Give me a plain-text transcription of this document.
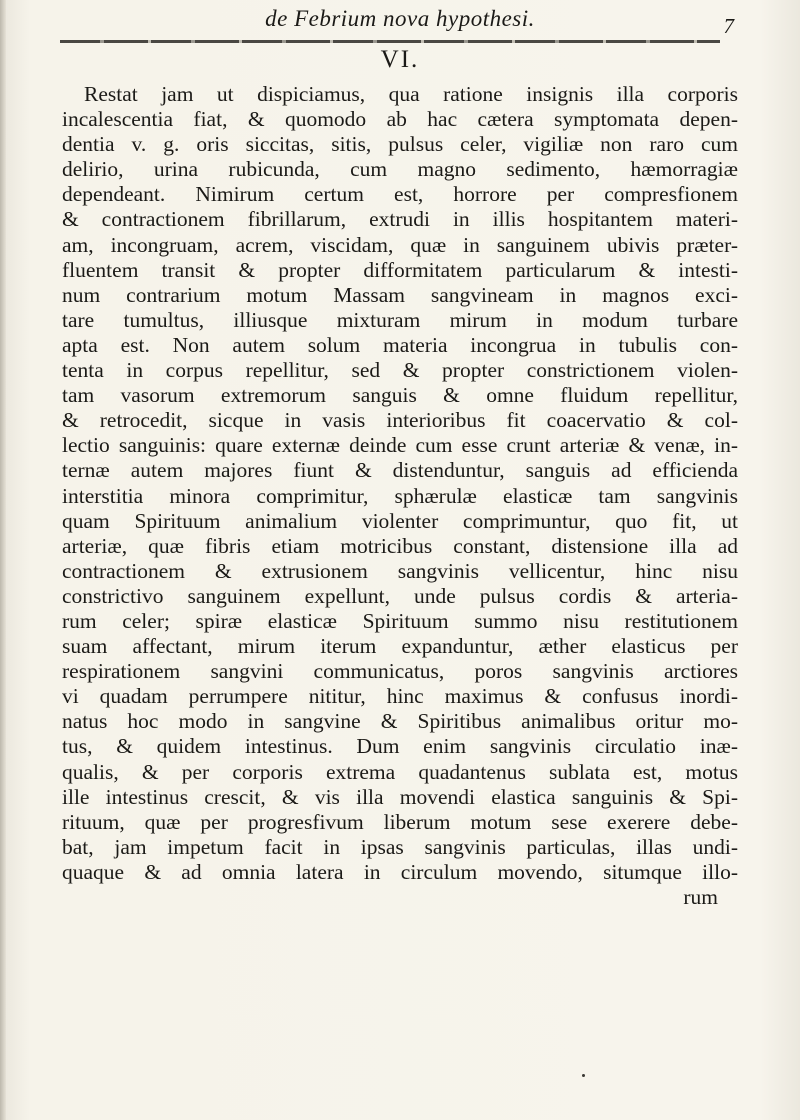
de Febrium nova hypothesi.	7
VI.
Restat jam ut dispiciamus, qua ratione insignis illa corporis
incalescentia fiat, & quomodo ab hac cætera symptomata depen-
dentia v. g. oris siccitas, sitis, pulsus celer, vigiliæ non raro cum
delirio, urina rubicunda, cum magno sedimento, hæmorragiæ
dependeant. Nimirum certum est, horrore per compresfionem
& contractionem fibrillarum, extrudi in illis hospitantem materi-
am, incongruam, acrem, viscidam, quæ in sanguinem ubivis præter-
fluentem transit & propter difformitatem particularum & intesti-
num contrarium motum Massam sangvineam in magnos exci-
tare tumultus, illiusque mixturam mirum in modum turbare
apta est. Non autem solum materia incongrua in tubulis con-
tenta in corpus repellitur, sed & propter constrictionem violen-
tam vasorum extremorum sanguis & omne fluidum repellitur,
& retrocedit, sicque in vasis interioribus fit coacervatio & col-
lectio sanguinis: quare externæ deinde cum esse crunt arteriæ & venæ, in-
ternæ autem majores fiunt & distenduntur, sanguis ad efficienda
interstitia minora comprimitur, sphærulæ elasticæ tam sangvinis
quam Spirituum animalium violenter comprimuntur, quo fit, ut
arteriæ, quæ fibris etiam motricibus constant, distensione illa ad
contractionem & extrusionem sangvinis vellicentur, hinc nisu
constrictivo sanguinem expellunt, unde pulsus cordis & arteria-
rum celer; spiræ elasticæ Spirituum summo nisu restitutionem
suam affectant, mirum iterum expanduntur, æther elasticus per
respirationem sangvini communicatus, poros sangvinis arctiores
vi quadam perrumpere nititur, hinc maximus & confusus inordi-
natus hoc modo in sangvine & Spiritibus animalibus oritur mo-
tus, & quidem intestinus. Dum enim sangvinis circulatio inæ-
qualis, & per corporis extrema quadantenus sublata est, motus
ille intestinus crescit, & vis illa movendi elastica sanguinis & Spi-
rituum, quæ per progresfivum liberum motum sese exerere debe-
bat, jam impetum facit in ipsas sangvinis particulas, illas undi-
quaque & ad omnia latera in circulum movendo, situmque illo-
rum
